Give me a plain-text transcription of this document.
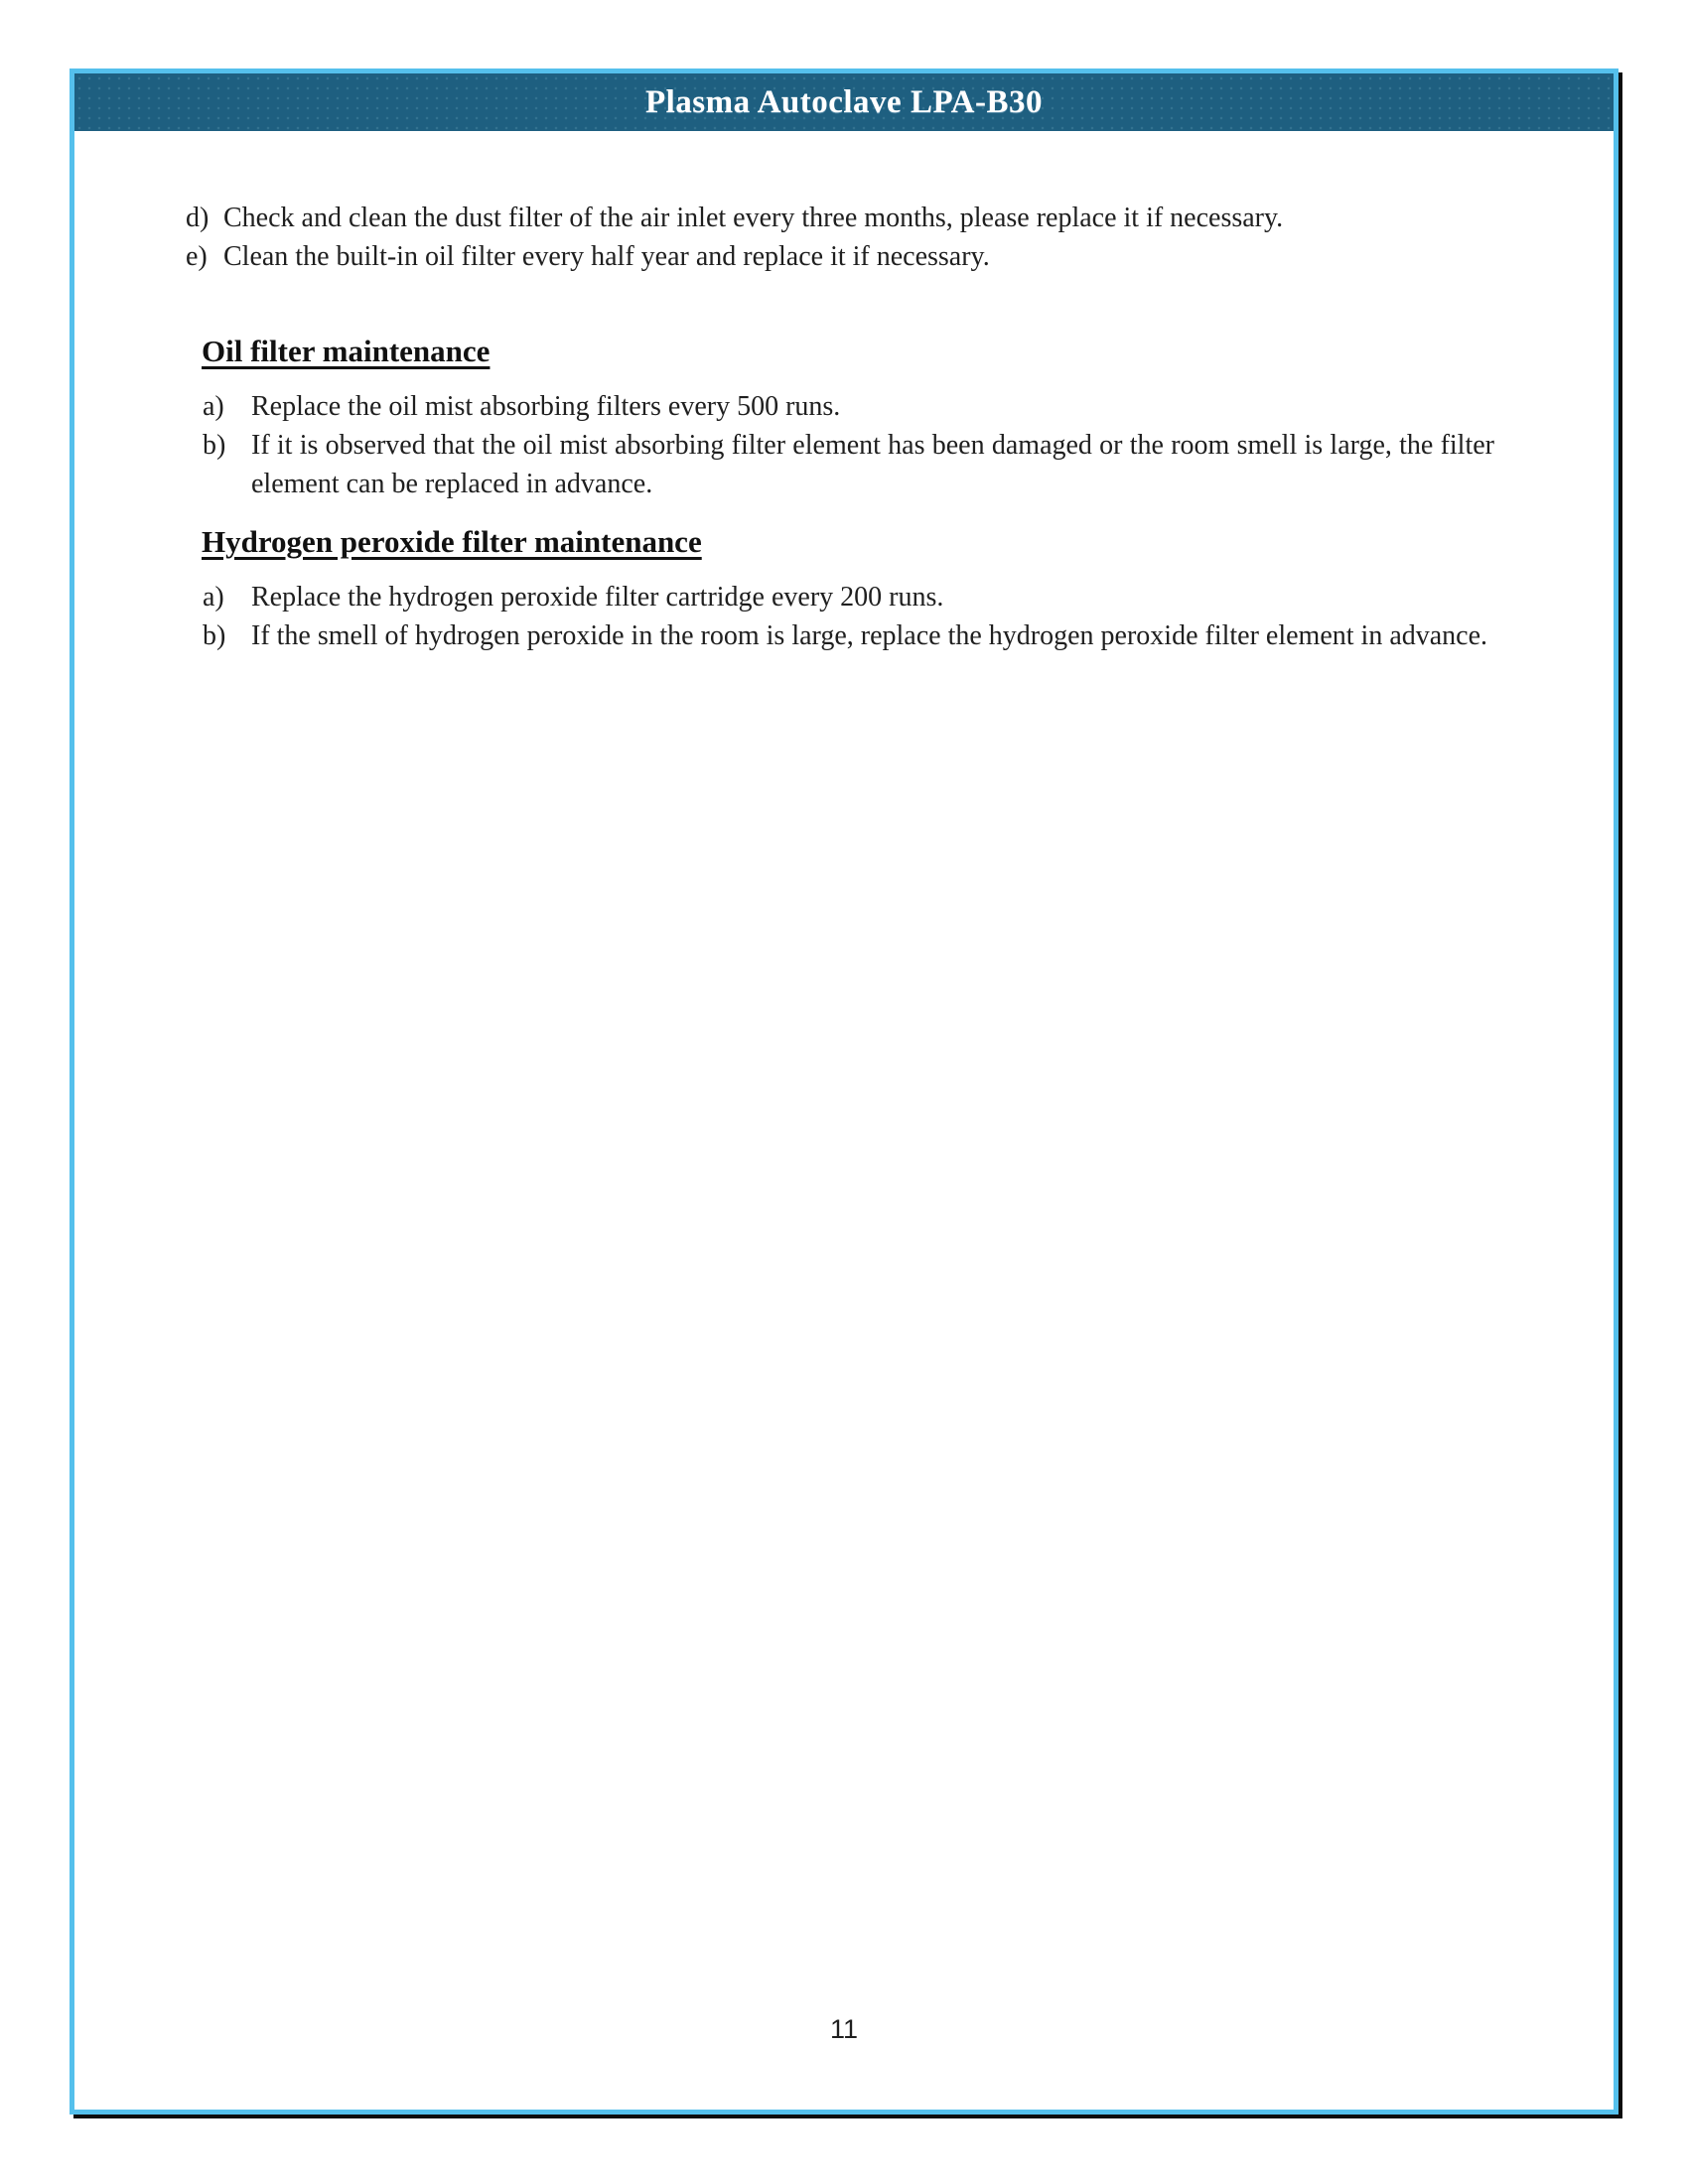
Plasma Autoclave LPA-B30
d) Check and clean the dust filter of the air inlet every three months, please replace it if necessary.
e) Clean the built-in oil filter every half year and replace it if necessary.
Oil filter maintenance
a) Replace the oil mist absorbing filters every 500 runs.
b) If it is observed that the oil mist absorbing filter element has been damaged or the room smell is large, the filter element can be replaced in advance.
Hydrogen peroxide filter maintenance
a) Replace the hydrogen peroxide filter cartridge every 200 runs.
b) If the smell of hydrogen peroxide in the room is large, replace the hydrogen peroxide filter element in advance.
11
